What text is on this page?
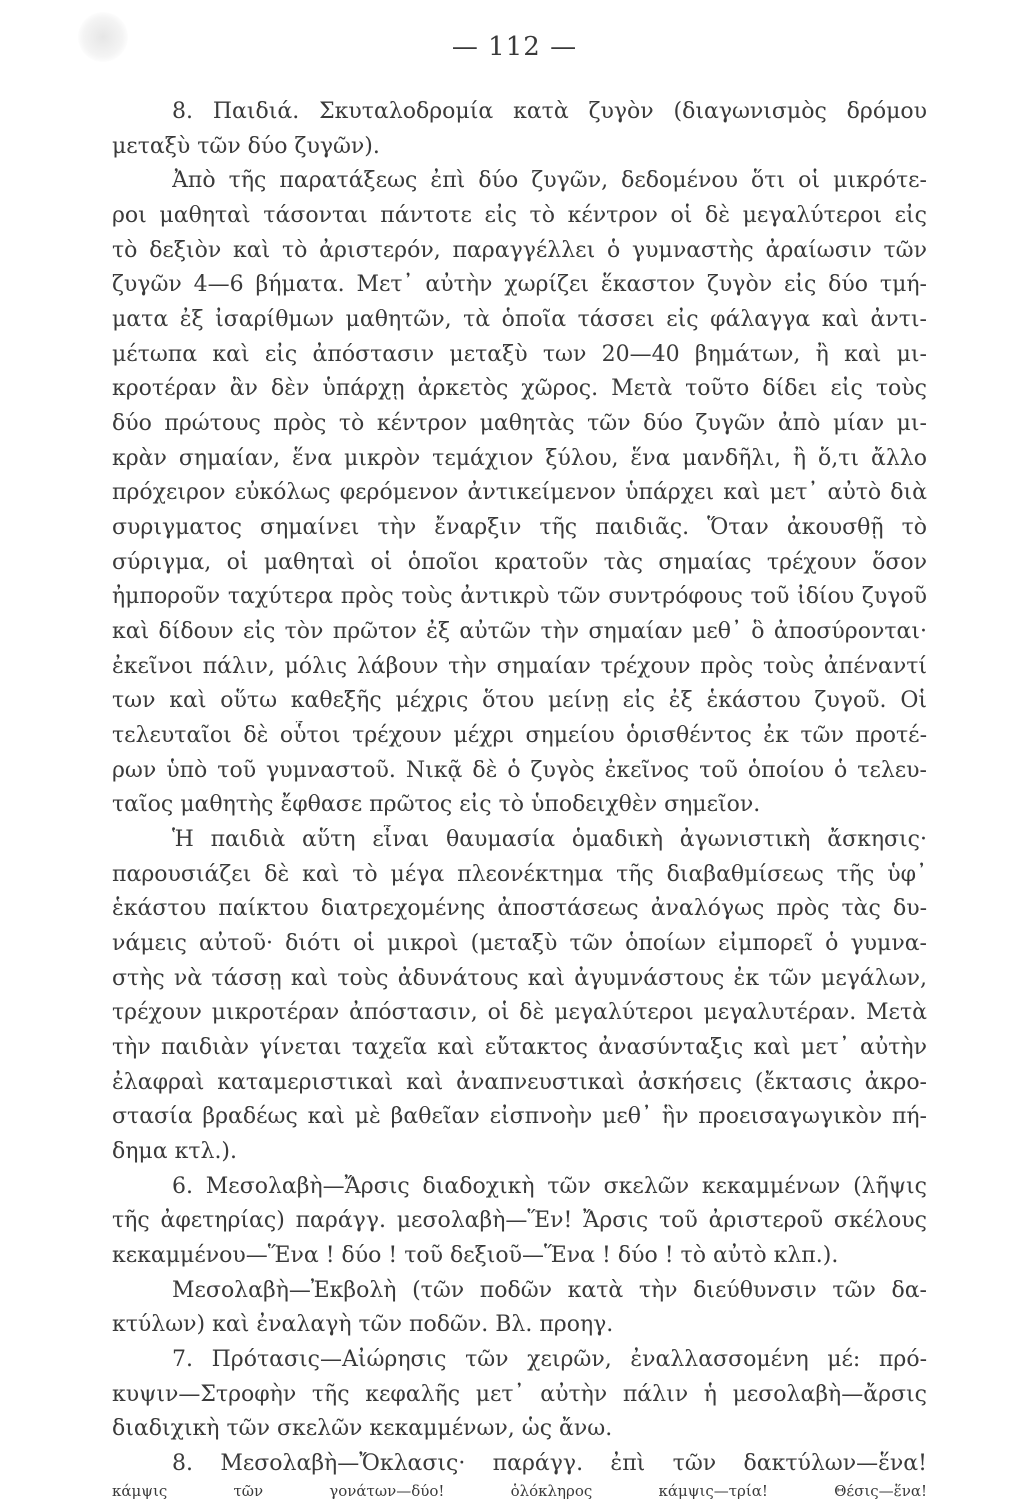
— 112 —
8. Παιδιά. Σκυταλοδρομία κατὰ ζυγὸν (διαγωνισμὸς δρόμου
μεταξὺ τῶν δύο ζυγῶν).
Ἀπὸ τῆς παρατάξεως ἐπὶ δύο ζυγῶν, δεδομένου ὅτι οἱ μικρότε-
ροι μαθηταὶ τάσονται πάντοτε εἰς τὸ κέντρον οἱ δὲ μεγαλύτεροι εἰς
τὸ δεξιὸν καὶ τὸ ἀριστερόν, παραγγέλλει ὁ γυμναστὴς ἀραίωσιν τῶν
ζυγῶν 4—6 βήματα. Μετ᾽ αὐτὴν χωρίζει ἕκαστον ζυγὸν εἰς δύο τμή-
ματα ἐξ ἰσαρίθμων μαθητῶν, τὰ ὁποῖα τάσσει εἰς φάλαγγα καὶ ἀντι-
μέτωπα καὶ εἰς ἀπόστασιν μεταξὺ των 20—40 βημάτων, ἢ καὶ μι-
κροτέραν ἂν δὲν ὑπάρχῃ ἀρκετὸς χῶρος. Μετὰ τοῦτο δίδει εἰς τοὺς
δύο πρώτους πρὸς τὸ κέντρον μαθητὰς τῶν δύο ζυγῶν ἀπὸ μίαν μι-
κρὰν σημαίαν, ἕνα μικρὸν τεμάχιον ξύλου, ἕνα μανδῆλι, ἢ ὅ,τι ἄλλο
πρόχειρον εὐκόλως φερόμενον ἀντικείμενον ὑπάρχει καὶ μετ᾽ αὐτὸ διὰ
συριγματος σημαίνει τὴν ἔναρξιν τῆς παιδιᾶς. Ὅταν ἀκουσθῇ τὸ
σύριγμα, οἱ μαθηταὶ οἱ ὁποῖοι κρατοῦν τὰς σημαίας τρέχουν ὅσον
ἠμποροῦν ταχύτερα πρὸς τοὺς ἀντικρὺ τῶν συντρόφους τοῦ ἰδίου ζυγοῦ
καὶ δίδουν εἰς τὸν πρῶτον ἐξ αὐτῶν τὴν σημαίαν μεθ᾽ ὃ ἀποσύρονται·
ἐκεῖνοι πάλιν, μόλις λάβουν τὴν σημαίαν τρέχουν πρὸς τοὺς ἀπέναντί
των καὶ οὕτω καθεξῆς μέχρις ὅτου μείνῃ εἰς ἐξ ἑκάστου ζυγοῦ. Οἱ
τελευταῖοι δὲ οὗτοι τρέχουν μέχρι σημείου ὁρισθέντος ἐκ τῶν προτέ-
ρων ὑπὸ τοῦ γυμναστοῦ. Νικᾷ δὲ ὁ ζυγὸς ἐκεῖνος τοῦ ὁποίου ὁ τελευ-
ταῖος μαθητὴς ἔφθασε πρῶτος εἰς τὸ ὑποδειχθὲν σημεῖον.
Ἡ παιδιὰ αὕτη εἶναι θαυμασία ὁμαδικὴ ἀγωνιστικὴ ἄσκησις·
παρουσιάζει δὲ καὶ τὸ μέγα πλεονέκτημα τῆς διαβαθμίσεως τῆς ὑφ᾽
ἑκάστου παίκτου διατρεχομένης ἀποστάσεως ἀναλόγως πρὸς τὰς δυ-
νάμεις αὐτοῦ· διότι οἱ μικροὶ (μεταξὺ τῶν ὁποίων εἰμπορεῖ ὁ γυμνα-
στὴς νὰ τάσσῃ καὶ τοὺς ἀδυνάτους καὶ ἀγυμνάστους ἐκ τῶν μεγάλων,
τρέχουν μικροτέραν ἀπόστασιν, οἱ δὲ μεγαλύτεροι μεγαλυτέραν. Μετὰ
τὴν παιδιὰν γίνεται ταχεῖα καὶ εὔτακτος ἀνασύνταξις καὶ μετ᾽ αὐτὴν
ἐλαφραὶ καταμεριστικαὶ καὶ ἀναπνευστικαὶ ἀσκήσεις (ἔκτασις ἀκρο-
στασία βραδέως καὶ μὲ βαθεῖαν εἰσπνοὴν μεθ᾽ ἣν προεισαγωγικὸν πή-
δημα κτλ.).
6. Μεσολαβὴ—Ἄρσις διαδοχικὴ τῶν σκελῶν κεκαμμένων (λῆψις
τῆς ἀφετηρίας) παράγγ. μεσολαβὴ—Ἕν! Ἄρσις τοῦ ἀριστεροῦ σκέλους
κεκαμμένου—Ἕνα ! δύο ! τοῦ δεξιοῦ—Ἕνα ! δύο ! τὸ αὐτὸ κλπ.).
Μεσολαβὴ—Ἐκβολὴ (τῶν ποδῶν κατὰ τὴν διεύθυνσιν τῶν δα-
κτύλων) καὶ ἐναλαγὴ τῶν ποδῶν. Βλ. προηγ.
7. Πρότασις—Αἰώρησις τῶν χειρῶν, ἐναλλασσομένη μέ: πρό-
κυψιν—Στροφὴν τῆς κεφαλῆς μετ᾽ αὐτὴν πάλιν ἡ μεσολαβὴ—ἄρσις
διαδιχικὴ τῶν σκελῶν κεκαμμένων, ὡς ἄνω.
8. Μεσολαβὴ—Ὄκλασις· παράγγ. ἐπὶ τῶν δακτύλων—ἕνα!
κάμψις τῶν γονάτων—δύο! ὁλόκληρος κάμψις—τρία! Θέσις—ἕνα!
